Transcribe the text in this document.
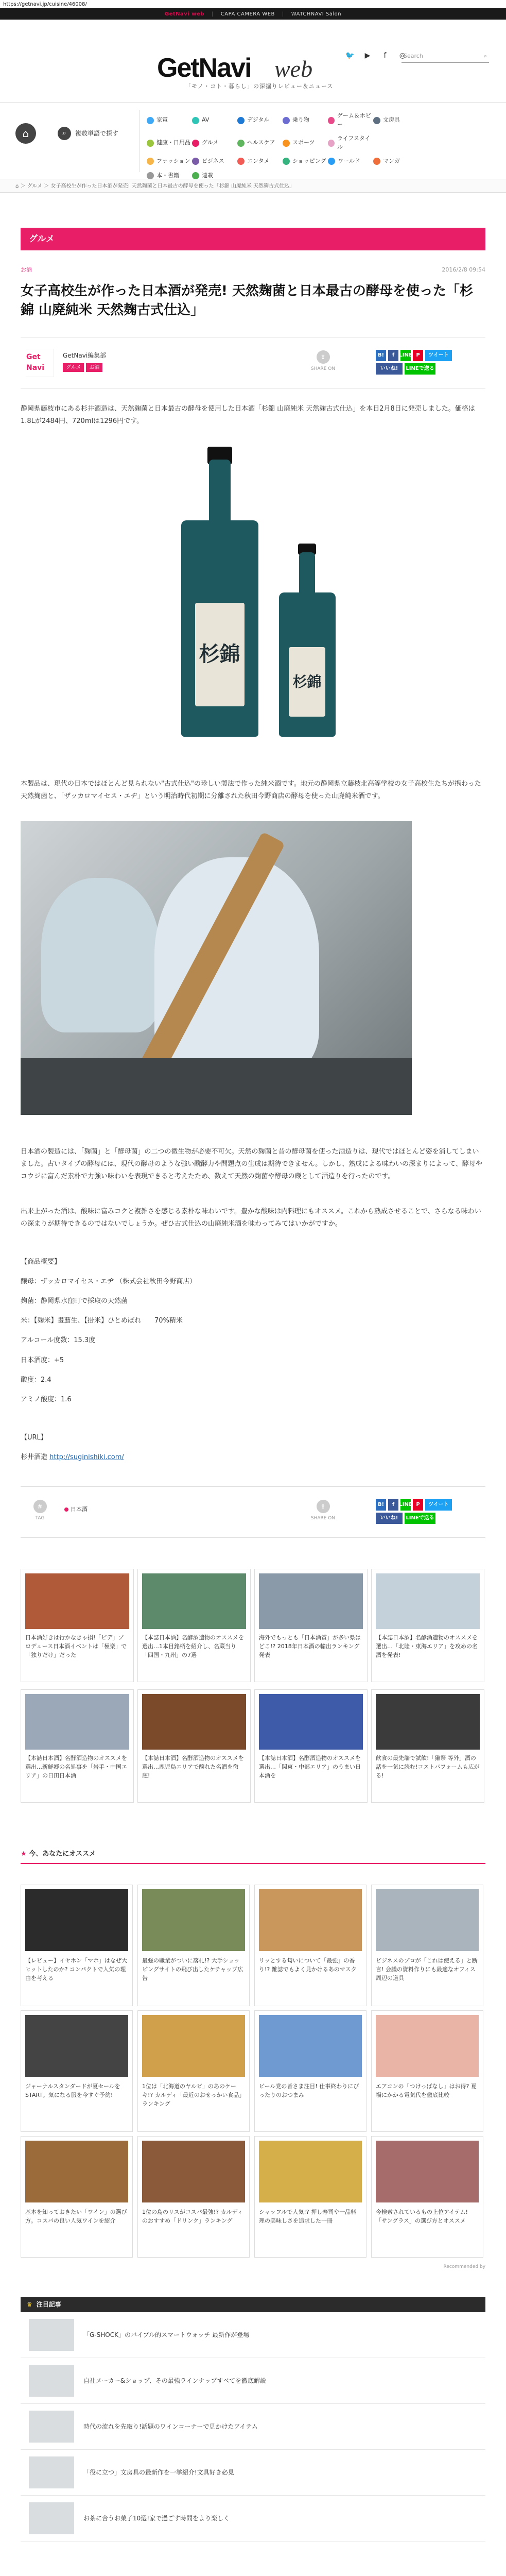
https://getnavi.jp/cuisine/46008/
GetNavi web	|	CAPA CAMERA WEB	|	WATCHNAVI Salon
GetNavi web
「モノ・コト・暮らし」の深掘りレビュー＆ニュース
🐦	▶	f	◎
Search	⌕
⌂	⌕	複数単語で探す
家電	AV	デジタル	乗り物
ゲーム＆ホビー
文房具
健康・日用品 グルメ	ヘルスケア	スポーツ
ライフスタイル
ファッション ビジネス	エンタメ	ショッピング ワールド	マンガ
本・書籍	連載
⌂ ＞ グルメ ＞ 女子高校生が作った日本酒が発売! 天然麹菌と日本最古の酵母を使った「杉錦 山廃純米 天然麹古式仕込」
グルメ
お酒	2016/2/8 09:54
女子高校生が作った日本酒が発売! 天然麹菌と日本最古の酵母を使った「杉錦 山廃純米 天然麹古式仕込」
Get Navi
GetNavi編集部
グルメ	お酒
⇪
SHARE ON
B!	f LINE P	ツイート
いいね!	LINEで送る

静岡県藤枝市にある杉井酒造は、天然麹菌と日本最古の酵母を使用した日本酒「杉錦 山廃純米 天然麹古式仕込」を本日2月8日に発売しました。価格は1.8Lが2484円、720mlは1296円です。

杉錦
杉錦

本製品は、現代の日本ではほとんど見られない"古式仕込"の珍しい製法で作った純米酒です。地元の静岡県立藤枝北高等学校の女子高校生たちが携わった天然麹菌と、「ザッカロマイセス・エヂ」という明治時代初期に分離された秋田今野商店の酵母を使った山廃純米酒です。

日本酒の製造には、「麹菌」と「酵母菌」の二つの微生物が必要不可欠。天然の麹菌と昔の酵母菌を使った酒造りは、現代ではほとんど姿を消してしまいました。古いタイプの酵母には、現代の酵母のような強い醗酵力や問題点の生成は期待できません。しかし、熟成による味わいの深まりによって、酵母やコウジに富んだ素朴で力強い味わいを表現できると考えたため、数えて天然の麹菌や酵母の蔵として酒造りを行ったのです。

出来上がった酒は、酸味に富みコクと複雑さを感じる素朴な味わいです。豊かな酸味は内料理にもオススメ。これから熟成させることで、さらなる味わいの深まりが期待できるのではないでしょうか。ぜひ古式仕込の山廃純米酒を味わってみてはいかがですか。

【商品概要】
醸母：ザッカロマイセス・エヂ （株式会社秋田今野商店）
麹菌：静岡県水窪町で採取の天然菌
米：【麹米】畫薦生、【掛米】ひとめぼれ　　70%精米
アルコール度数：15.3度
日本酒度：+5
酸度：2.4
アミノ酸度：1.6
【URL】
杉井酒造 http://suginishiki.com/
#
TAG
日本酒	⇪
SHARE ON
B!	f LINE P	ツイート
いいね!	LINEで送る
日本酒好きは行かなきゃ損!「ビデ」プロデュース日本酒イベントは「極楽」で「独りだけ」だった
【本誌日本酒】名酵酒造物のオススメを選出…1本目銘柄を紹介し、名蔵当り「四国・九州」の7選
海外でもっとも「日本酒賞」が多い県はどこ!? 2018年日本酒の輸出ランキング発表
【本誌日本酒】名酵酒造物のオススメを選出…「北陸・東海エリア」を攻めの名酒を発表!
【本誌日本酒】名酵酒造物のオススメを選出…新鮮郷の名処事を「岩手・中国エリア」の日田日本酒
【本誌日本酒】名酵酒造物のオススメを選出…鹿児島エリアで醸れた名酒を徹底!
【本誌日本酒】名酵酒造物のオススメを選出…「関東・中部エリア」のうまい日本酒を
飲食の最先端で試飲!「獺祭 等外」酒の話を一気に読む!コストパフォームも広がる!
★ 今、あなたにオススメ
【レビュー】イヤホン「マホ」はなぜ大ヒットしたのか? コンパクトで人気の理由を考える
最強の職業がついに落札!? 大手ショッピングサイトの飛び出したケチャップ広告
リッとする匂いについて「最強」の香り!? 雑誌でもよく見かけるあのマスク
ビジネスのプロが「これは使える」と断言! 会議の資料作りにも最適なオフィス周辺の道具
ジャーナルスタンダードが夏セールをSTART。気になる服を今すぐ予約!
1位は「北海道のヤルビ」のあのケーキ!? カルディ「最近のおせっかい食品」ランキング
ビール党の皆さま注目! 仕事終わりにぴったりのおつまみ
エアコンの「つけっぱなし」はお得? 夏場にかかる電気代を徹底比較
基本を知っておきたい「ワイン」の選び方。コスパの良い人気ワインを紹介
1位の島のリスがコスパ最強!? カルディのおすすめ「ドリンク」ランキング
シャッフルで人気!? 押し寿司や一品料理の美味しさを追求した一冊
今検索されているもの上位アイテム!「サングラス」の選び方とオススメ
Recommended by
♛ 注目記事
「G-SHOCK」のバイブル的スマートウォッチ 最新作が登場
自社メーカー&ショップ、その最強ラインナップすべてを徹底解説
時代の流れを先取り!話題のワインコーナーで見かけたアイテム
「役に立つ」文房具の最新作を一挙紹介!文具好き必見
お茶に合うお菓子10選!家で過ごす時間をより楽しく
